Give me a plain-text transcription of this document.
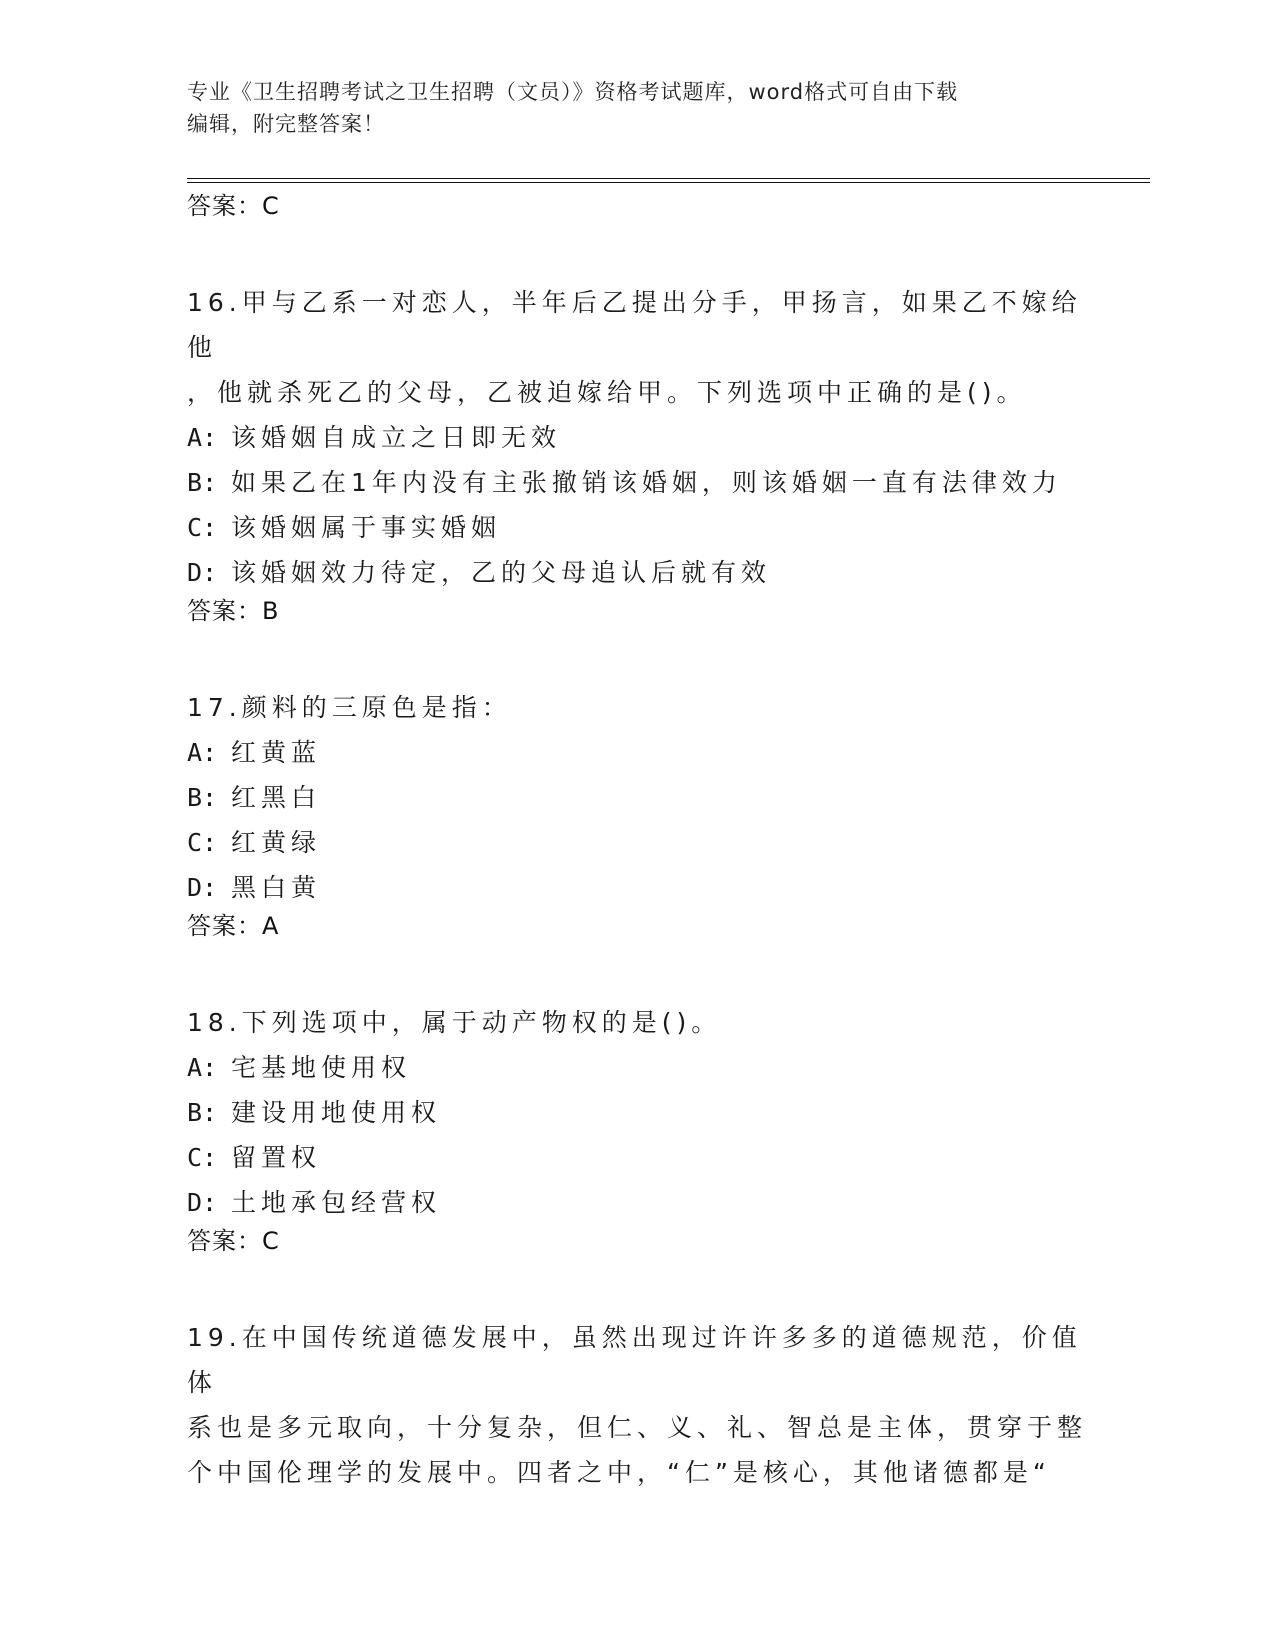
专业《卫生招聘考试之卫生招聘（文员）》资格考试题库，word格式可自由下载
编辑，附完整答案！
答案：C
16.甲与乙系一对恋人，半年后乙提出分手，甲扬言，如果乙不嫁给他
，他就杀死乙的父母，乙被迫嫁给甲。下列选项中正确的是()。
A: 该婚姻自成立之日即无效
B: 如果乙在1年内没有主张撤销该婚姻，则该婚姻一直有法律效力
C: 该婚姻属于事实婚姻
D: 该婚姻效力待定，乙的父母追认后就有效
答案：B
17.颜料的三原色是指：
A: 红黄蓝
B: 红黑白
C: 红黄绿
D: 黑白黄
答案：A
18.下列选项中，属于动产物权的是()。
A: 宅基地使用权
B: 建设用地使用权
C: 留置权
D: 土地承包经营权
答案：C
19.在中国传统道德发展中，虽然出现过许许多多的道德规范，价值体
系也是多元取向，十分复杂，但仁、义、礼、智总是主体，贯穿于整
个中国伦理学的发展中。四者之中，“仁”是核心，其他诸德都是“
